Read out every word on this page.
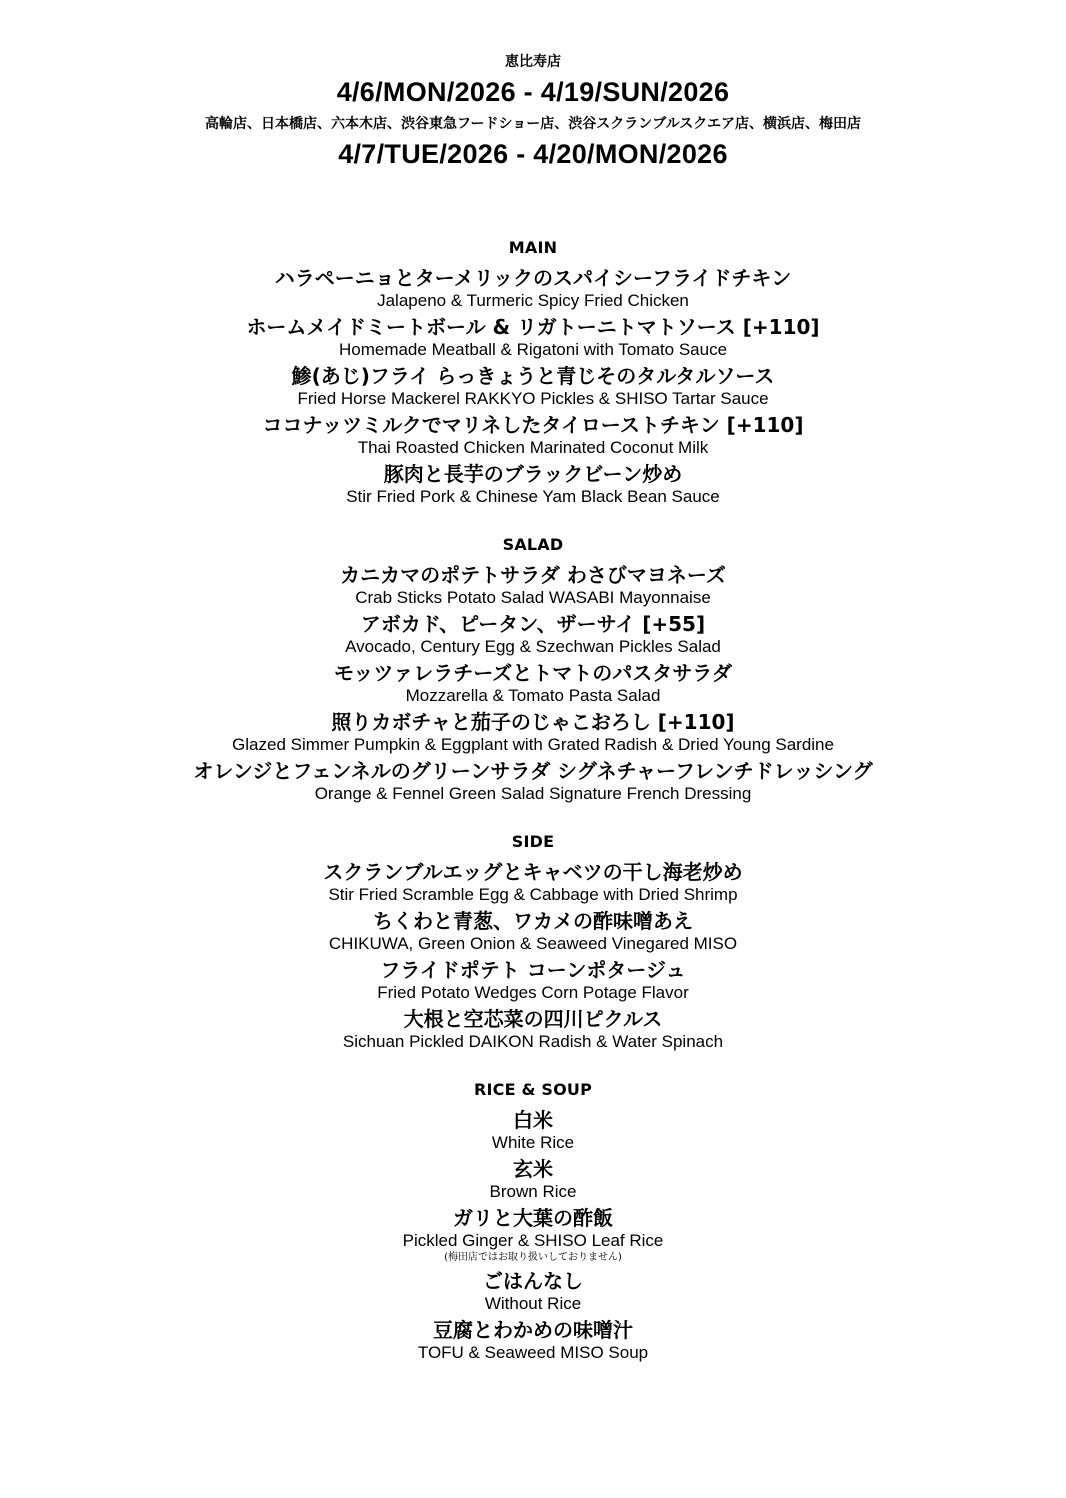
恵比寿店

4/6/MON/2026 - 4/19/SUN/2026

高輪店、日本橋店、六本木店、渋谷東急フードショー店、渋谷スクランブルスクエア店、横浜店、梅田店

4/7/TUE/2026 - 4/20/MON/2026

MAIN

ハラペーニョとターメリックのスパイシーフライドチキン

Jalapeno & Turmeric Spicy Fried Chicken

ホームメイドミートボール & リガトーニトマトソース [+110]

Homemade Meatball & Rigatoni with Tomato Sauce

鯵(あじ)フライ らっきょうと青じそのタルタルソース

Fried Horse Mackerel RAKKYO Pickles & SHISO Tartar Sauce

ココナッツミルクでマリネしたタイローストチキン [+110]

Thai Roasted Chicken Marinated Coconut Milk

豚肉と長芋のブラックビーン炒め

Stir Fried Pork & Chinese Yam Black Bean Sauce

SALAD

カニカマのポテトサラダ わさびマヨネーズ

Crab Sticks Potato Salad WASABI Mayonnaise

アボカド、ピータン、ザーサイ [+55]

Avocado, Century Egg & Szechwan Pickles Salad

モッツァレラチーズとトマトのパスタサラダ

Mozzarella & Tomato Pasta Salad

照りカボチャと茄子のじゃこおろし [+110]

Glazed Simmer Pumpkin & Eggplant with Grated Radish & Dried Young Sardine

オレンジとフェンネルのグリーンサラダ シグネチャーフレンチドレッシング

Orange & Fennel Green Salad Signature French Dressing

SIDE

スクランブルエッグとキャベツの干し海老炒め

Stir Fried Scramble Egg & Cabbage with Dried Shrimp

ちくわと青葱、ワカメの酢味噌あえ

CHIKUWA, Green Onion & Seaweed Vinegared MISO

フライドポテト コーンポタージュ

Fried Potato Wedges Corn Potage Flavor

大根と空芯菜の四川ピクルス

Sichuan Pickled DAIKON Radish & Water Spinach

RICE & SOUP

白米

White Rice

玄米

Brown Rice

ガリと大葉の酢飯

Pickled Ginger & SHISO Leaf Rice

(梅田店ではお取り扱いしておりません)

ごはんなし

Without Rice

豆腐とわかめの味噌汁

TOFU & Seaweed MISO Soup
